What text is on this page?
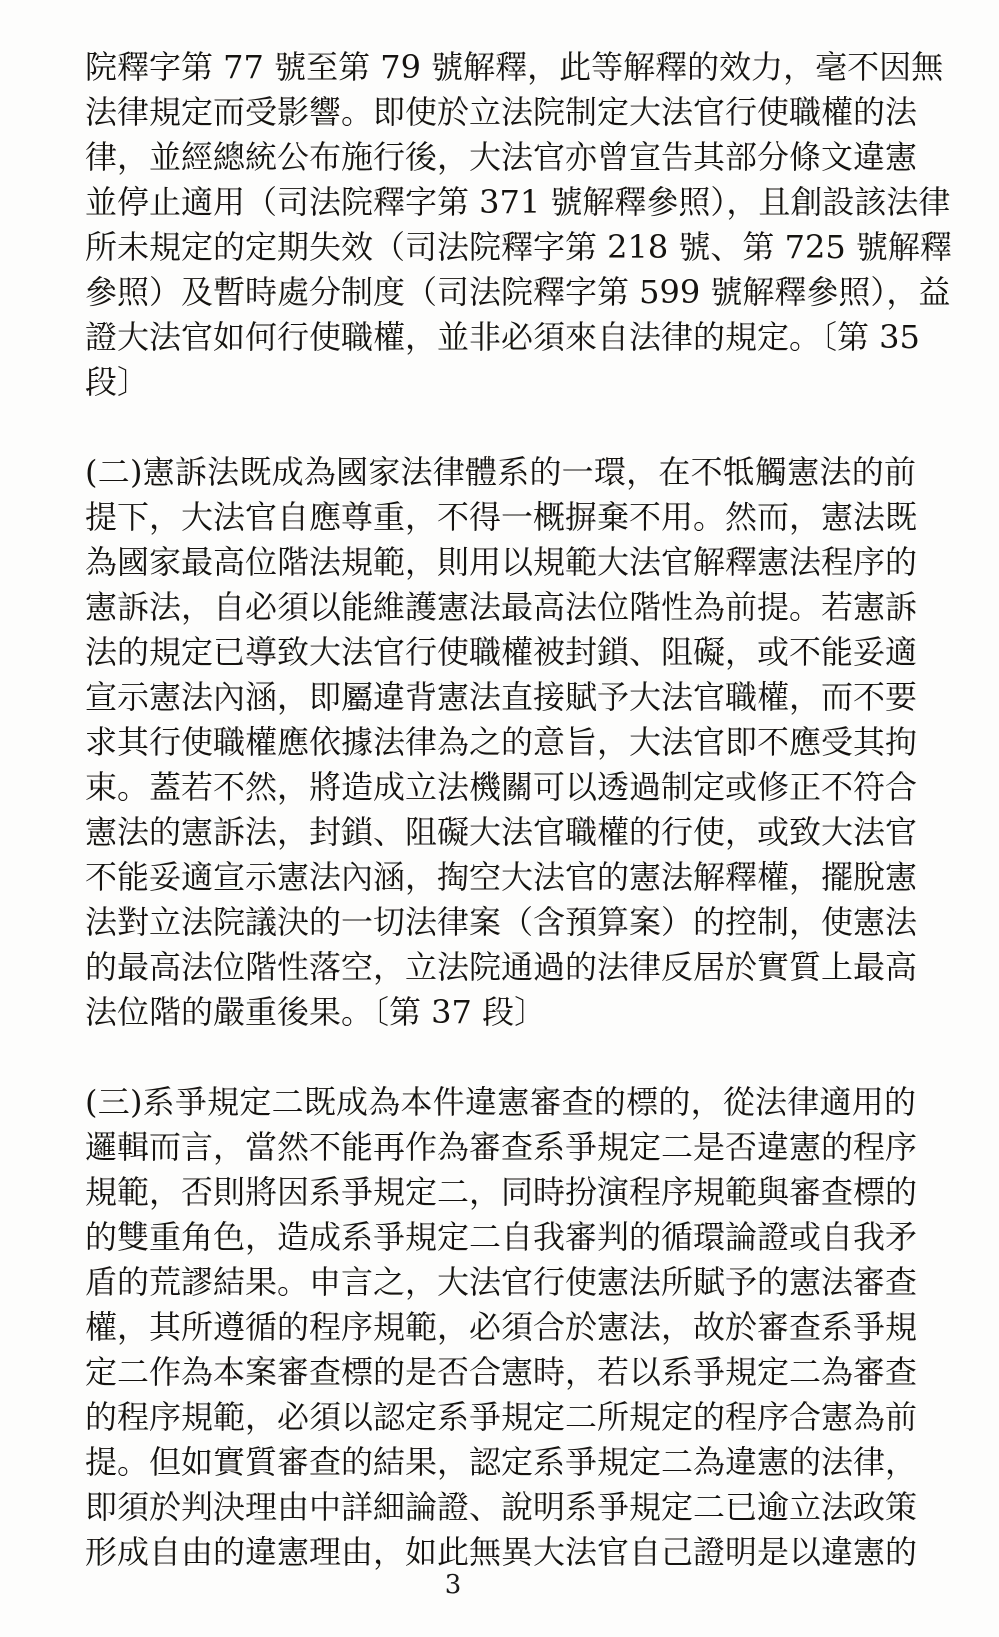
院釋字第 77 號至第 79 號解釋，此等解釋的效力，毫不因無
法律規定而受影響。即使於立法院制定大法官行使職權的法
律，並經總統公布施行後，大法官亦曾宣告其部分條文違憲
並停止適用（司法院釋字第 371 號解釋參照），且創設該法律
所未規定的定期失效（司法院釋字第 218 號、第 725 號解釋
參照）及暫時處分制度（司法院釋字第 599 號解釋參照），益
證大法官如何行使職權，並非必須來自法律的規定。〔第 35
段〕
(二)憲訴法既成為國家法律體系的一環，在不牴觸憲法的前
提下，大法官自應尊重，不得一概摒棄不用。然而，憲法既
為國家最高位階法規範，則用以規範大法官解釋憲法程序的
憲訴法，自必須以能維護憲法最高法位階性為前提。若憲訴
法的規定已導致大法官行使職權被封鎖、阻礙，或不能妥適
宣示憲法內涵，即屬違背憲法直接賦予大法官職權，而不要
求其行使職權應依據法律為之的意旨，大法官即不應受其拘
束。蓋若不然，將造成立法機關可以透過制定或修正不符合
憲法的憲訴法，封鎖、阻礙大法官職權的行使，或致大法官
不能妥適宣示憲法內涵，掏空大法官的憲法解釋權，擺脫憲
法對立法院議決的一切法律案（含預算案）的控制，使憲法
的最高法位階性落空，立法院通過的法律反居於實質上最高
法位階的嚴重後果。〔第 37 段〕
(三)系爭規定二既成為本件違憲審查的標的，從法律適用的
邏輯而言，當然不能再作為審查系爭規定二是否違憲的程序
規範，否則將因系爭規定二，同時扮演程序規範與審查標的
的雙重角色，造成系爭規定二自我審判的循環論證或自我矛
盾的荒謬結果。申言之，大法官行使憲法所賦予的憲法審查
權，其所遵循的程序規範，必須合於憲法，故於審查系爭規
定二作為本案審查標的是否合憲時，若以系爭規定二為審查
的程序規範，必須以認定系爭規定二所規定的程序合憲為前
提。但如實質審查的結果，認定系爭規定二為違憲的法律，
即須於判決理由中詳細論證、說明系爭規定二已逾立法政策
形成自由的違憲理由，如此無異大法官自己證明是以違憲的
3
